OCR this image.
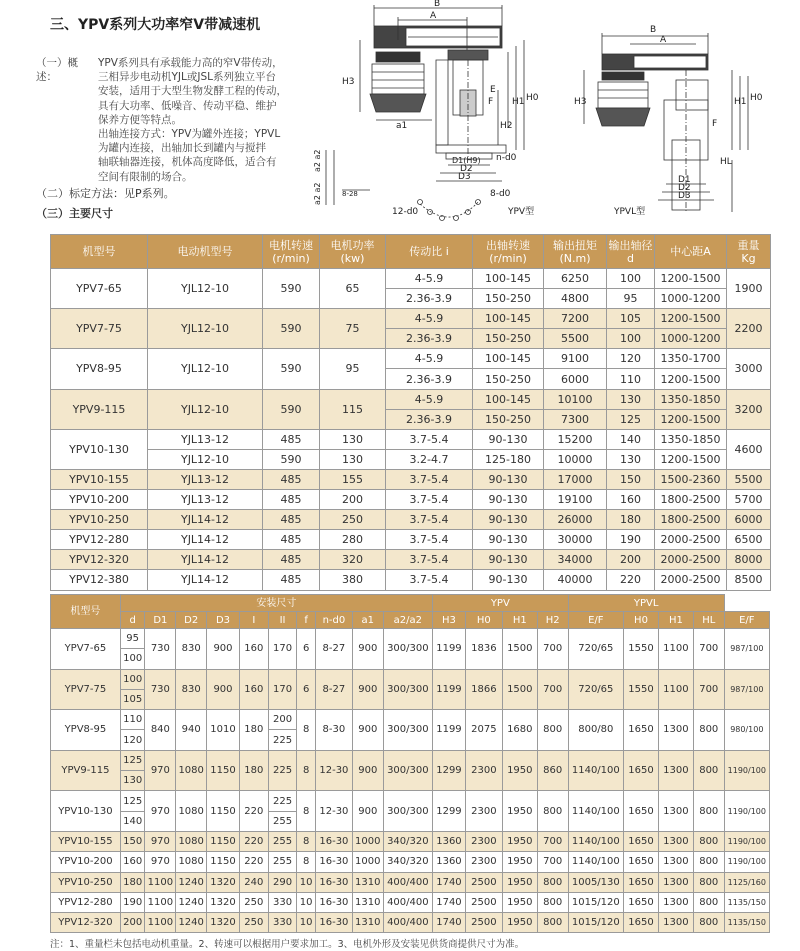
三、YPV系列大功率窄V带减速机
（一）概述：
YPV系列具有承载能力高的窄V带传动，
三相异步电动机YJL或JSL系列独立平台
安装，适用于大型生物发酵工程的传动，
具有大功率、低噪音、传动平稳、维护
保养方便等特点。
出轴连接方式：YPV为罐外连接；YPVL
为罐内连接，出轴加长到罐内与搅拌
轴联轴器连接，机体高度降低，适合有
空间有限制的场合。
（二）标定方法：见P系列。
（三）主要尺寸
B
A
H3
a1
H1 H0
H2
F
E
D1(H9)
D2
D3
n-d0
a2 a2
a2 a2	8-28	8-d0
12-d0	YPV型
B
A
H3	H1 H0
F
HL
D1
D2
D3
YPVL型
机型号	电动机型号	电机转速
(r/min)	电机功率
(kw)	传动比 i	出轴转速
(r/min)	输出扭矩
(N.m)	输出轴径
d	中心距A	重量
Kg
YPV7-65	YJL12-10	590	65	4-5.9	100-145	6250	100	1200-1500	1900
				2.36-3.9	150-250	4800	95	1000-1200	
YPV7-75	YJL12-10	590	75	4-5.9	100-145	7200	105	1200-1500	2200
				2.36-3.9	150-250	5500	100	1000-1200	
YPV8-95	YJL12-10	590	95	4-5.9	100-145	9100	120	1350-1700	3000
				2.36-3.9	150-250	6000	110	1200-1500	
YPV9-115	YJL12-10	590	115	4-5.9	100-145	10100	130	1350-1850	3200
				2.36-3.9	150-250	7300	125	1200-1500	
YPV10-130	YJL13-12	485	130	3.7-5.4	90-130	15200	140	1350-1850	4600
	YJL12-10	590	130	3.2-4.7	125-180	10000	130	1200-1500	
YPV10-155	YJL13-12	485	155	3.7-5.4	90-130	17000	150	1500-2360	5500
YPV10-200	YJL13-12	485	200	3.7-5.4	90-130	19100	160	1800-2500	5700
YPV10-250	YJL14-12	485	250	3.7-5.4	90-130	26000	180	1800-2500	6000
YPV12-280	YJL14-12	485	280	3.7-5.4	90-130	30000	190	2000-2500	6500
YPV12-320	YJL14-12	485	320	3.7-5.4	90-130	34000	200	2000-2500	8000
YPV12-380	YJL14-12	485	380	3.7-5.4	90-130	40000	220	2000-2500	8500
机型号	安装尺寸										YPV				YPVL				
	d	D1	D2	D3	I	II	f	n-d0	a1	a2/a2	H3	H0	H1	H2	E/F	H0	H1	HL	E/F
YPV7-65	95	730	830	900	160	170	6	8-27	900	300/300	1199	1836	1500	700	720/65	1550	1100	700	987/100
	100																		
YPV7-75	100	730	830	900	160	170	6	8-27	900	300/300	1199	1866	1500	700	720/65	1550	1100	700	987/100
	105																		
YPV8-95	110	840	940	1010	180	200	8	8-30	900	300/300	1199	2075	1680	800	800/80	1650	1300	800	980/100
	120					225													
YPV9-115	125	970	1080	1150	180	225	8	12-30	900	300/300	1299	2300	1950	860	1140/100	1650	1300	800	1190/100
	130																		
YPV10-130	125	970	1080	1150	220	225	8	12-30	900	300/300	1299	2300	1950	800	1140/100	1650	1300	800	1190/100
	140					255													
YPV10-155	150	970	1080	1150	220	255	8	16-30	1000	340/320	1360	2300	1950	700	1140/100	1650	1300	800	1190/100
YPV10-200	160	970	1080	1150	220	255	8	16-30	1000	340/320	1360	2300	1950	700	1140/100	1650	1300	800	1190/100
YPV10-250	180	1100	1240	1320	240	290	10	16-30	1310	400/400	1740	2500	1950	800	1005/130	1650	1300	800	1125/160
YPV12-280	190	1100	1240	1320	250	330	10	16-30	1310	400/400	1740	2500	1950	800	1015/120	1650	1300	800	1135/150
YPV12-320	200	1100	1240	1320	250	330	10	16-30	1310	400/400	1740	2500	1950	800	1015/120	1650	1300	800	1135/150
注：1、重量栏未包括电动机重量。2、转速可以根据用户要求加工。3、电机外形及安装见供货商提供尺寸为准。
